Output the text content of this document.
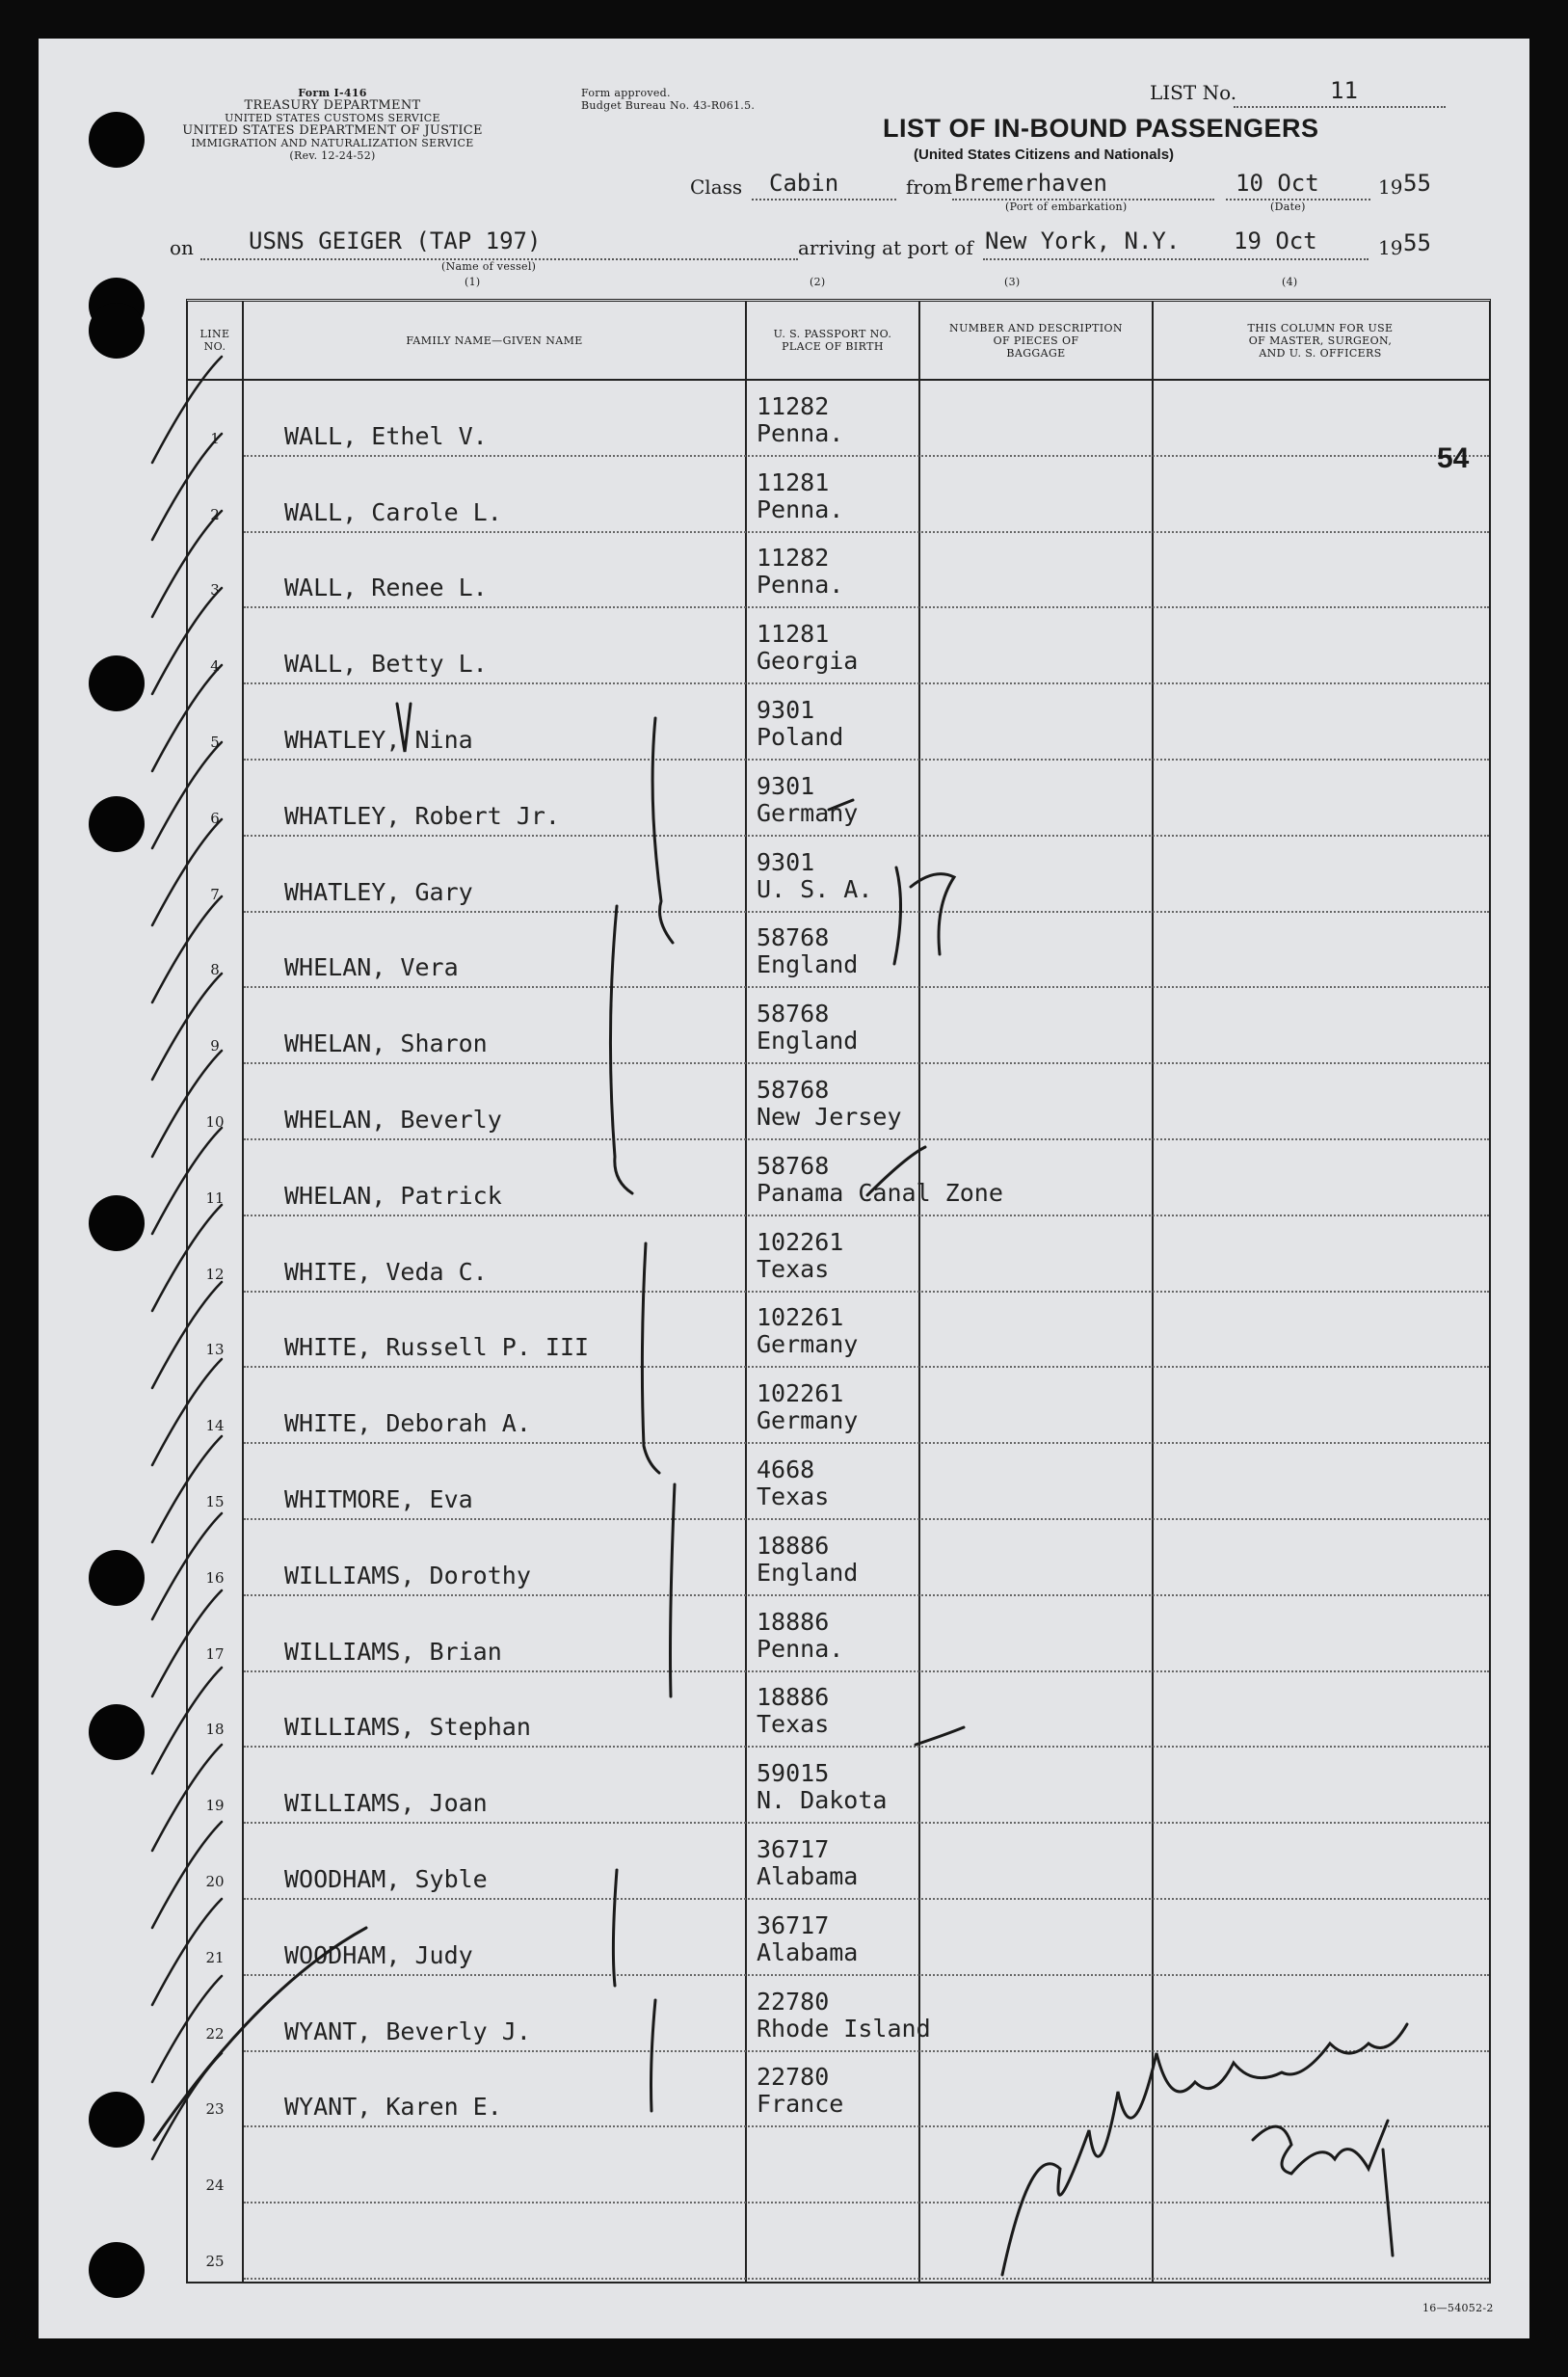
Form I-416
TREASURY DEPARTMENT
UNITED STATES CUSTOMS SERVICE
UNITED STATES DEPARTMENT OF JUSTICE
IMMIGRATION AND NATURALIZATION SERVICE
(Rev. 12-24-52)
Form approved.
Budget Bureau No. 43-R061.5.
LIST No.	11
LIST OF IN-BOUND PASSENGERS
(United States Citizens and Nationals)
Class Cabin	from Bremerhaven
(Port of embarkation)
10 Oct
(Date)
19 55
on USNS GEIGER (TAP 197)
(Name of vessel)
(1)
arriving at port of New York, N.Y. 19 Oct	19 55
(2)	(3)	(4)
LINE
NO.	FAMILY NAME—GIVEN NAME	U. S. PASSPORT NO.
PLACE OF BIRTH
NUMBER AND DESCRIPTION
OF PIECES OF
BAGGAGE
THIS COLUMN FOR USE
OF MASTER, SURGEON,
AND U. S. OFFICERS
1	WALL, Ethel V.
11282
Penna.
2	WALL, Carole L.
11281
Penna.
3	WALL, Renee L.
11282
Penna.
4	WALL, Betty L.
11281
Georgia
5	WHATLEY, Nina
9301
Poland
6	WHATLEY, Robert Jr.
9301
Germany
7	WHATLEY, Gary
9301
U. S. A.
8	WHELAN, Vera
58768
England
9	WHELAN, Sharon
58768
England
10	WHELAN, Beverly
58768
New Jersey
11	WHELAN, Patrick
58768
Panama Canal Zone
12	WHITE, Veda C.
102261
Texas
13	WHITE, Russell P. III
102261
Germany
14	WHITE, Deborah A.
102261
Germany
15	WHITMORE, Eva
4668
Texas
16	WILLIAMS, Dorothy
18886
England
17	WILLIAMS, Brian
18886
Penna.
18	WILLIAMS, Stephan
18886
Texas
19	WILLIAMS, Joan
59015
N. Dakota
20	WOODHAM, Syble
36717
Alabama
21	WOODHAM, Judy
36717
Alabama
22	WYANT, Beverly J.
22780
Rhode Island
23	WYANT, Karen E.
22780
France
24
25
54
16—54052-2
